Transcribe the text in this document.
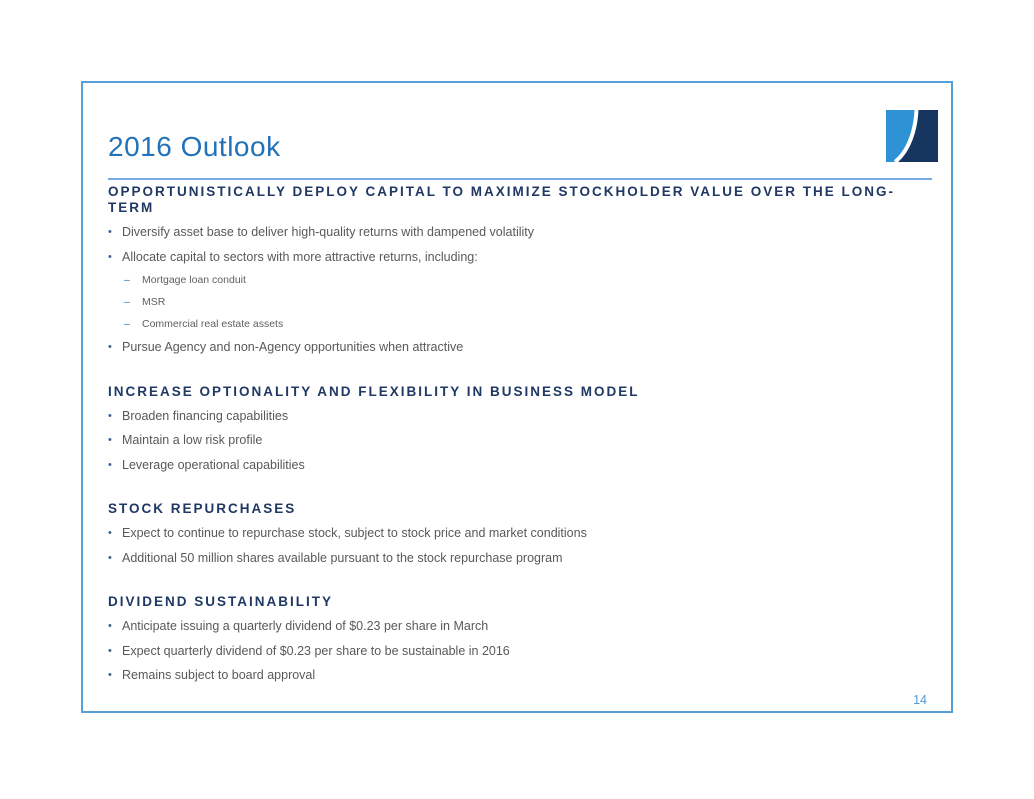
2016 Outlook
OPPORTUNISTICALLY DEPLOY CAPITAL TO MAXIMIZE STOCKHOLDER VALUE OVER THE LONG-TERM
•
Diversify asset base to deliver high-quality returns with dampened volatility
•
Allocate capital to sectors with more attractive returns, including:
–
Mortgage loan conduit
–
MSR
–
Commercial real estate assets
•
Pursue Agency and non-Agency opportunities when attractive
INCREASE OPTIONALITY AND FLEXIBILITY IN BUSINESS MODEL
•
Broaden financing capabilities
•
Maintain a low risk profile
•
Leverage operational capabilities
STOCK REPURCHASES
•
Expect to continue to repurchase stock, subject to stock price and market conditions
•
Additional 50 million shares available pursuant to the stock repurchase program
DIVIDEND SUSTAINABILITY
•
Anticipate issuing a quarterly dividend of $0.23 per share in March
•
Expect quarterly dividend of $0.23 per share to be sustainable in 2016
•
Remains subject to board approval
14
